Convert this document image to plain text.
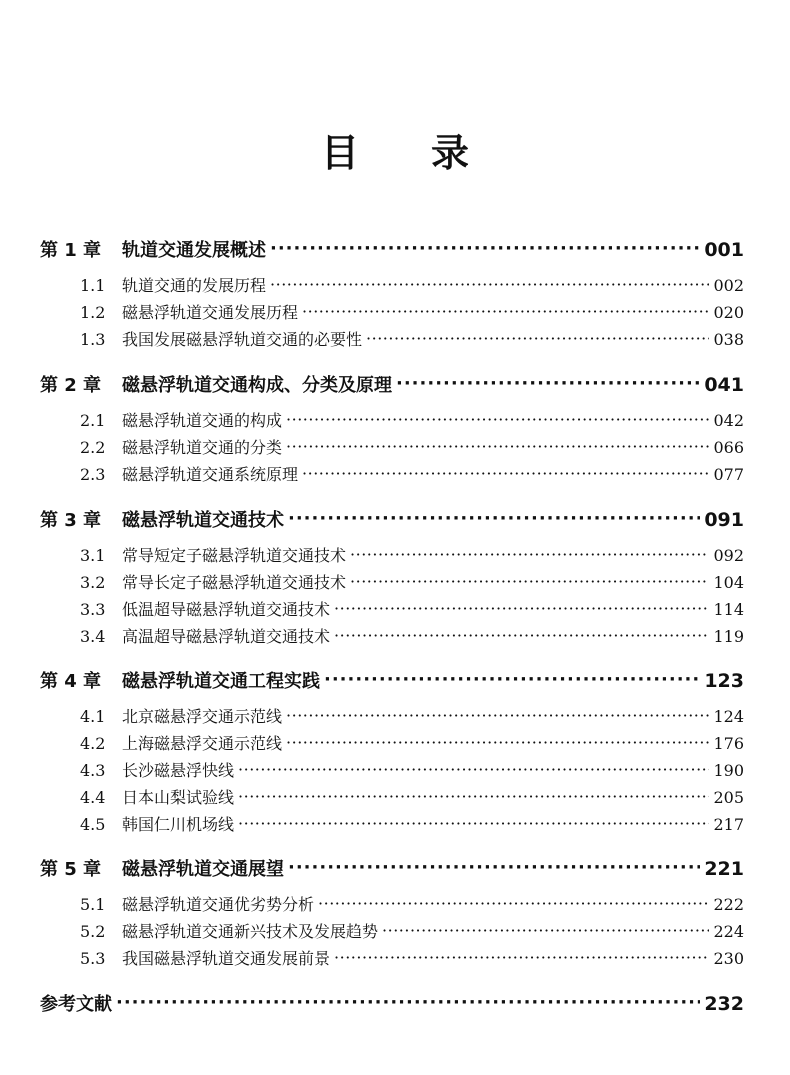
目 录
第 1 章	轨道交通发展概述 ·····	001
1.1	轨道交通的发展历程 ·····	002
1.2	磁悬浮轨道交通发展历程 ·····	020
1.3	我国发展磁悬浮轨道交通的必要性 ·····	038
第 2 章	磁悬浮轨道交通构成、分类及原理 ·····	041
2.1	磁悬浮轨道交通的构成 ·····	042
2.2	磁悬浮轨道交通的分类 ·····	066
2.3	磁悬浮轨道交通系统原理 ·····	077
第 3 章	磁悬浮轨道交通技术 ·····	091
3.1	常导短定子磁悬浮轨道交通技术 ·····	092
3.2	常导长定子磁悬浮轨道交通技术 ·····	104
3.3	低温超导磁悬浮轨道交通技术 ·····	114
3.4	高温超导磁悬浮轨道交通技术 ·····	119
第 4 章	磁悬浮轨道交通工程实践 ·····	123
4.1	北京磁悬浮交通示范线 ·····	124
4.2	上海磁悬浮交通示范线 ·····	176
4.3	长沙磁悬浮快线 ·····	190
4.4	日本山梨试验线 ·····	205
4.5	韩国仁川机场线 ·····	217
第 5 章	磁悬浮轨道交通展望 ·····	221
5.1	磁悬浮轨道交通优劣势分析 ·····	222
5.2	磁悬浮轨道交通新兴技术及发展趋势 ·····	224
5.3	我国磁悬浮轨道交通发展前景 ·····	230
参考文献 ·····	232
